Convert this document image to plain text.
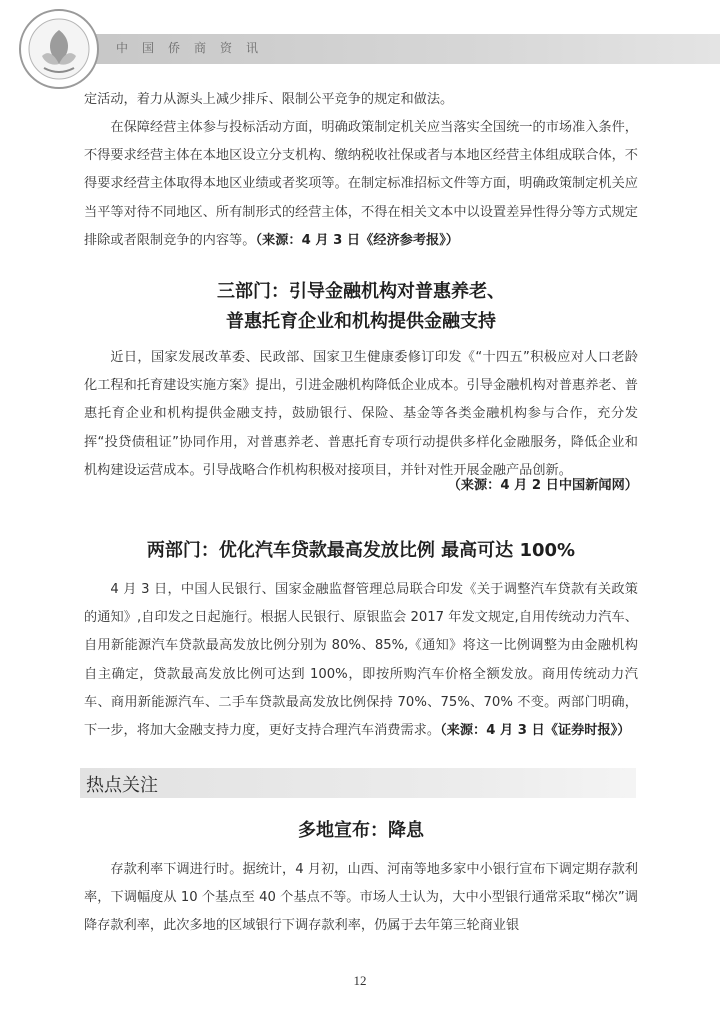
中国侨商资讯

定活动，着力从源头上减少排斥、限制公平竞争的规定和做法。

在保障经营主体参与投标活动方面，明确政策制定机关应当落实全国统一的市场准入条件，不得要求经营主体在本地区设立分支机构、缴纳税收社保或者与本地区经营主体组成联合体，不得要求经营主体取得本地区业绩或者奖项等。在制定标准招标文件等方面，明确政策制定机关应当平等对待不同地区、所有制形式的经营主体，不得在相关文本中以设置差异性得分等方式规定排除或者限制竞争的内容等。（来源：4 月 3 日《经济参考报》）

三部门：引导金融机构对普惠养老、

普惠托育企业和机构提供金融支持

近日，国家发展改革委、民政部、国家卫生健康委修订印发《“十四五”积极应对人口老龄化工程和托育建设实施方案》提出，引进金融机构降低企业成本。引导金融机构对普惠养老、普惠托育企业和机构提供金融支持，鼓励银行、保险、基金等各类金融机构参与合作，充分发挥“投贷债租证”协同作用，对普惠养老、普惠托育专项行动提供多样化金融服务，降低企业和机构建设运营成本。引导战略合作机构积极对接项目，并针对性开展金融产品创新。

（来源：4 月 2 日中国新闻网）

两部门：优化汽车贷款最高发放比例 最高可达 100%

4 月 3 日，中国人民银行、国家金融监督管理总局联合印发《关于调整汽车贷款有关政策的通知》,自印发之日起施行。根据人民银行、原银监会 2017 年发文规定,自用传统动力汽车、自用新能源汽车贷款最高发放比例分别为 80%、85%,《通知》将这一比例调整为由金融机构自主确定，贷款最高发放比例可达到 100%，即按所购汽车价格全额发放。商用传统动力汽车、商用新能源汽车、二手车贷款最高发放比例保持 70%、75%、70% 不变。两部门明确，下一步，将加大金融支持力度，更好支持合理汽车消费需求。（来源：4 月 3 日《证券时报》）

热点关注

多地宣布：降息

存款利率下调进行时。据统计，4 月初，山西、河南等地多家中小银行宣布下调定期存款利率，下调幅度从 10 个基点至 40 个基点不等。市场人士认为，大中小型银行通常采取“梯次”调降存款利率，此次多地的区域银行下调存款利率，仍属于去年第三轮商业银

12
